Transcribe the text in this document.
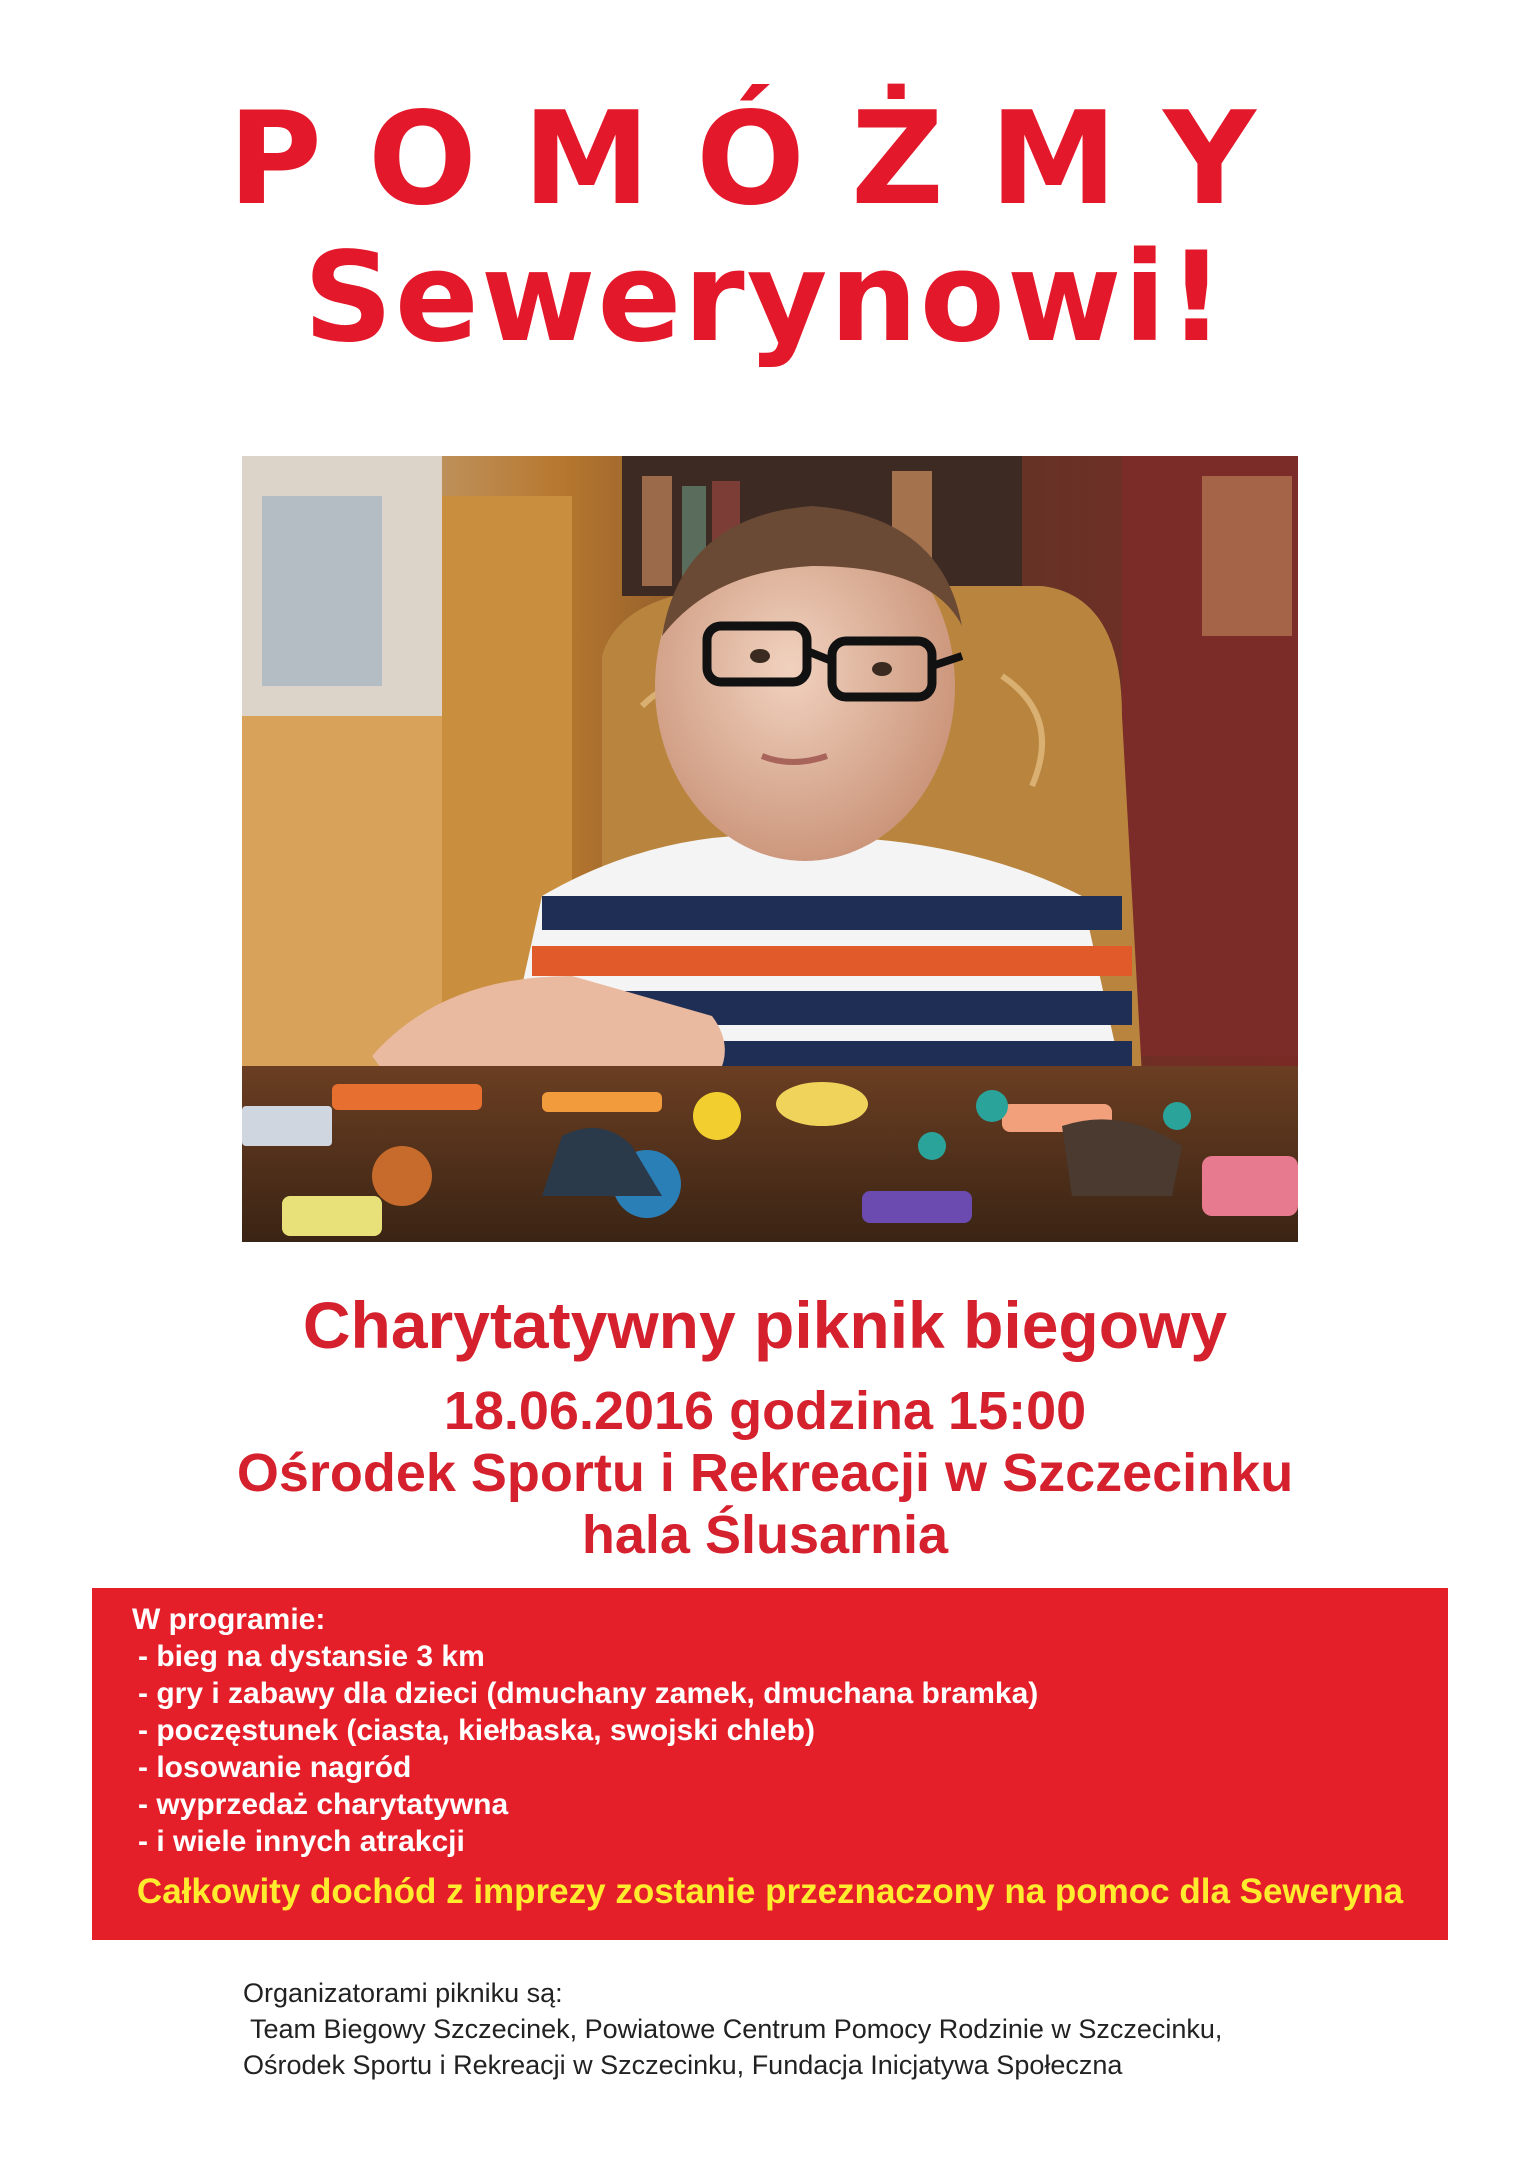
POMÓŻMY
Sewerynowi!
Charytatywny piknik biegowy
18.06.2016 godzina 15:00
Ośrodek Sportu i Rekreacji w Szczecinku
hala Ślusarnia
W programie:
- bieg na dystansie 3 km
- gry i zabawy dla dzieci (dmuchany zamek, dmuchana bramka)
- poczęstunek (ciasta, kiełbaska, swojski chleb)
- losowanie nagród
- wyprzedaż charytatywna
- i wiele innych atrakcji
Całkowity dochód z imprezy zostanie przeznaczony na pomoc dla Seweryna
Organizatorami pikniku są:
Team Biegowy Szczecinek, Powiatowe Centrum Pomocy Rodzinie w Szczecinku,
Ośrodek Sportu i Rekreacji w Szczecinku, Fundacja Inicjatywa Społeczna
